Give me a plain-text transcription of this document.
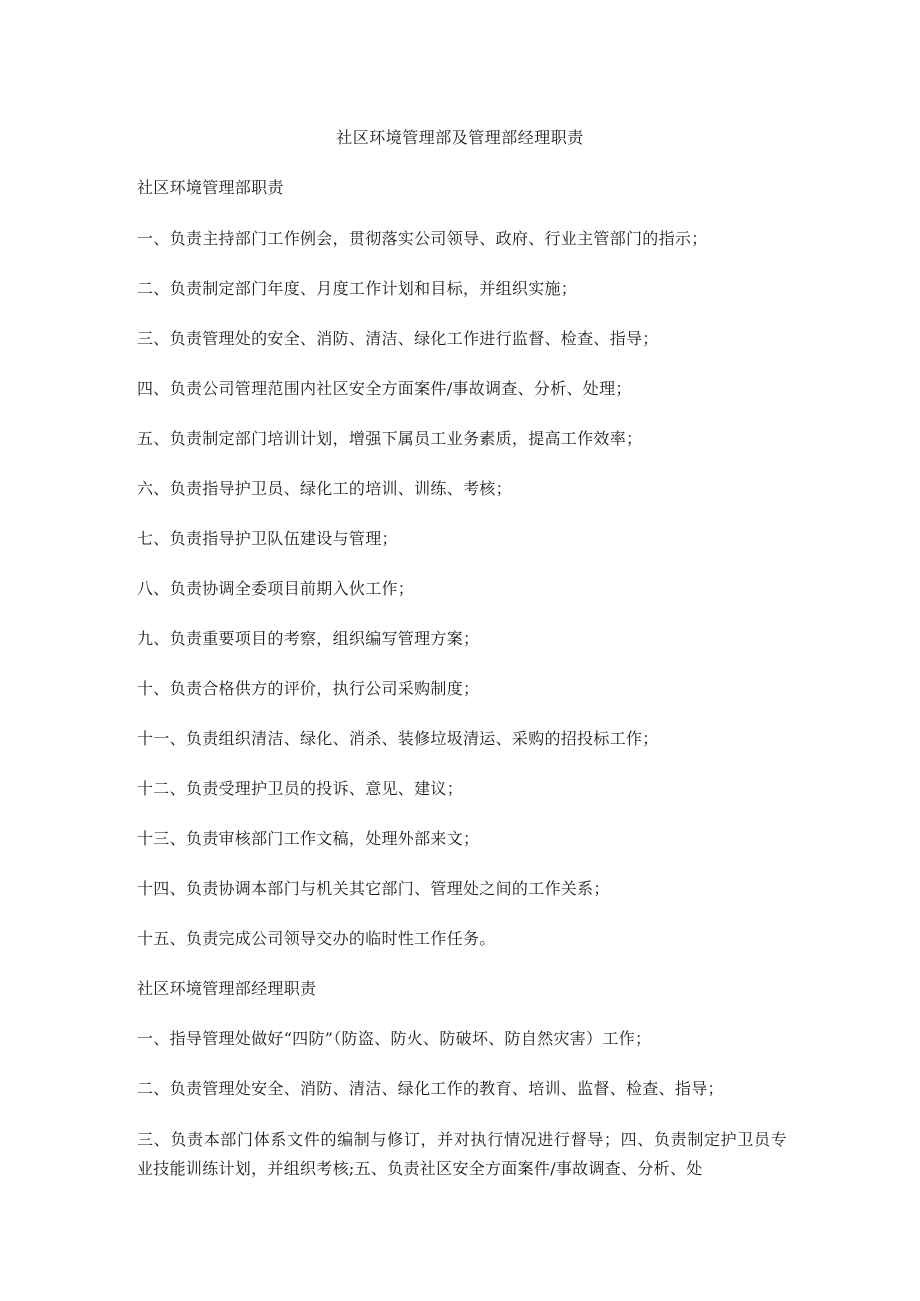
社区环境管理部及管理部经理职责
社区环境管理部职责
一、负责主持部门工作例会，贯彻落实公司领导、政府、行业主管部门的指示；
二、负责制定部门年度、月度工作计划和目标，并组织实施；
三、负责管理处的安全、消防、清洁、绿化工作进行监督、检查、指导；
四、负责公司管理范围内社区安全方面案件/事故调查、分析、处理；
五、负责制定部门培训计划，增强下属员工业务素质，提高工作效率；
六、负责指导护卫员、绿化工的培训、训练、考核；
七、负责指导护卫队伍建设与管理；
八、负责协调全委项目前期入伙工作；
九、负责重要项目的考察，组织编写管理方案；
十、负责合格供方的评价，执行公司采购制度；
十一、负责组织清洁、绿化、消杀、装修垃圾清运、采购的招投标工作；
十二、负责受理护卫员的投诉、意见、建议；
十三、负责审核部门工作文稿，处理外部来文；
十四、负责协调本部门与机关其它部门、管理处之间的工作关系；
十五、负责完成公司领导交办的临时性工作任务。
社区环境管理部经理职责
一、指导管理处做好“四防”（防盗、防火、防破坏、防自然灾害）工作；
二、负责管理处安全、消防、清洁、绿化工作的教育、培训、监督、检查、指导；
三、负责本部门体系文件的编制与修订，并对执行情况进行督导；四、负责制定护卫员专业技能训练计划，并组织考核;五、负责社区安全方面案件/事故调查、分析、处
